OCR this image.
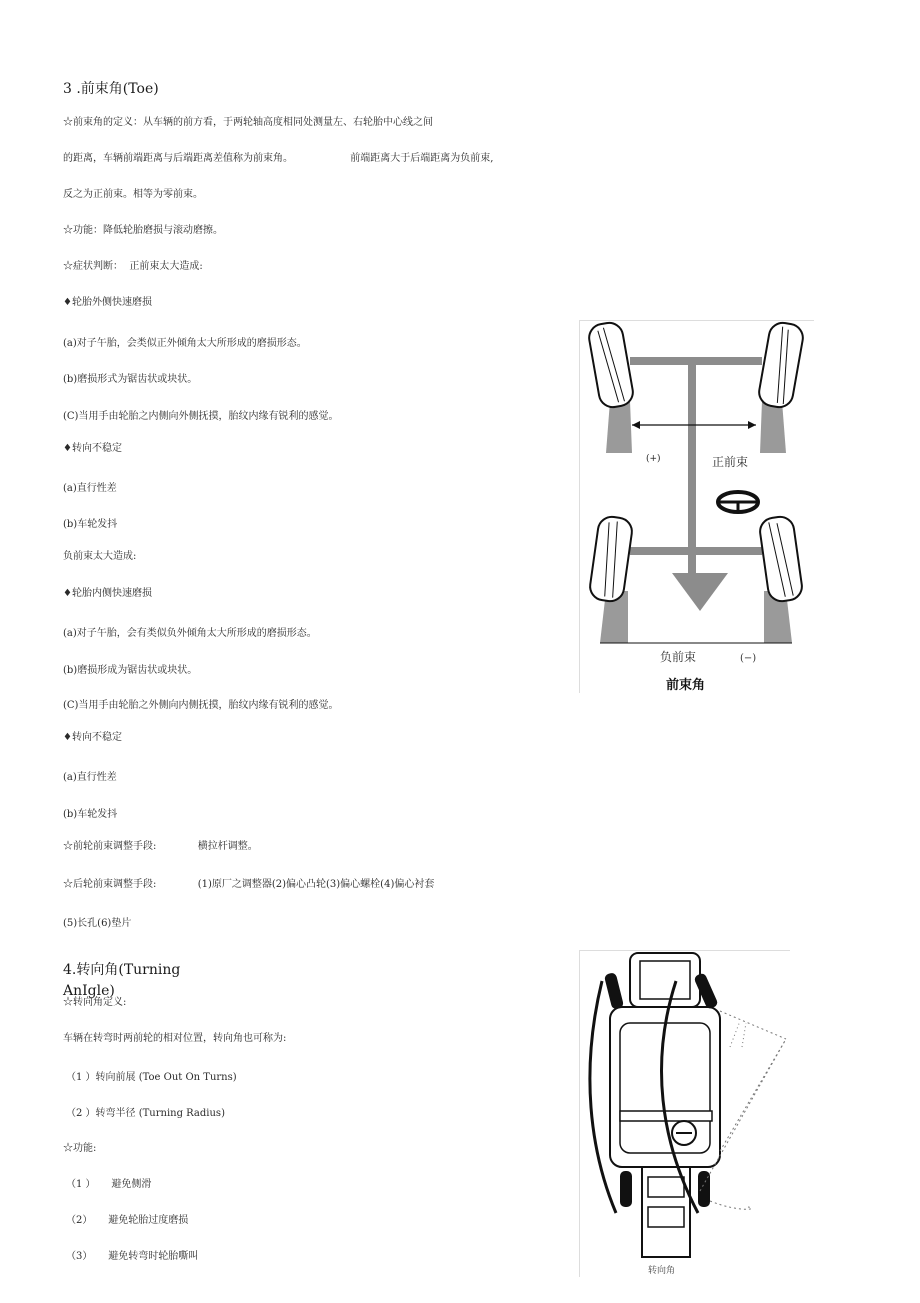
3 .前束角(Toe)
☆前束角的定义：从车辆的前方看，于两轮轴高度相同处测量左、右轮胎中心线之间
的距离，车辆前端距离与后端距离差值称为前束角。                  前端距离大于后端距离为负前束,
反之为正前束。相等为零前束。
☆功能：降低轮胎磨损与滚动磨擦。
☆症状判断：  正前束太大造成:
♦轮胎外侧快速磨损
(a)对子午胎，会类似正外倾角太大所形成的磨损形态。
(b)磨损形式为锯齿状或块状。
(C)当用手由轮胎之内侧向外侧抚摸，胎纹内缘有锐利的感觉。
♦转向不稳定
(a)直行性差
(b)车轮发抖
负前束太大造成:
♦轮胎内侧快速磨损
(a)对子午胎，会有类似负外倾角太大所形成的磨损形态。
(b)磨损形成为锯齿状或块状。
(C)当用手由轮胎之外侧向内侧抚摸，胎纹内缘有锐利的感觉。
♦转向不稳定
(a)直行性差
(b)车轮发抖
☆前轮前束调整手段:             横拉杆调整。
☆后轮前束调整手段:             (1)原厂之调整器(2)偏心凸轮(3)偏心螺栓(4)偏心衬套
(5)长孔(6)垫片
4.转向角(Turning
AnIgle)
☆转向角定义:
车辆在转弯时两前轮的相对位置，转向角也可称为:
（1 ）转向前展 (Toe Out On Turns)
（2 ）转弯半径 (Turning Radius)
☆功能:
（1 ）     避免侧滑
（2）     避免轮胎过度磨损
（3）     避免转弯时轮胎嘶叫
(+)	正前束
负前束	(−)
前束角
转向角
